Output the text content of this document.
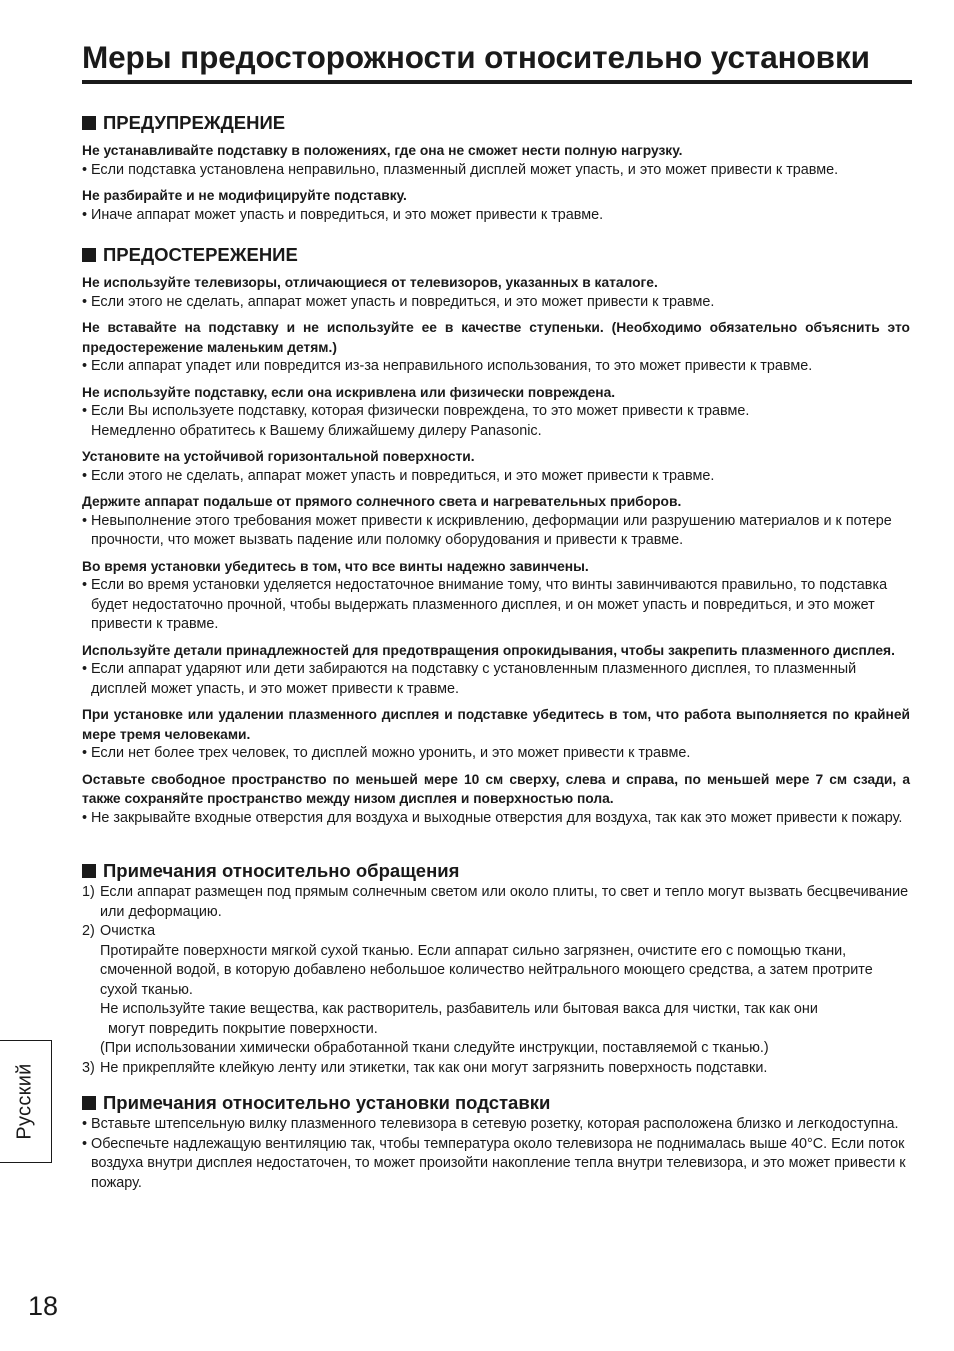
Меры предосторожности относительно установки
ПРЕДУПРЕЖДЕНИЕ
Не устанавливайте подставку в положениях, где она не сможет нести полную нагрузку.
• Если подставка установлена неправильно, плазменный дисплей может упасть, и это может привести к травме.
Не разбирайте и не модифицируйте подставку.
• Иначе аппарат может упасть и повредиться, и это может привести к травме.
ПРЕДОСТЕРЕЖЕНИЕ
Не используйте телевизоры, отличающиеся от телевизоров, указанных в каталоге.
• Если этого не сделать, аппарат может упасть и повредиться, и это может привести к травме.
Не вставайте на подставку и не используйте ее в качестве ступеньки. (Необходимо обязательно объяснить это предостережение маленьким детям.)
• Если аппарат упадет или повредится из-за неправильного использования, то это может привести к травме.
Не используйте подставку, если она искривлена или физически повреждена.
• Если Вы используете подставку, которая физически повреждена, то это может привести к травме.
Немедленно обратитесь к Вашему ближайшему дилеру Panasonic.
Установите на устойчивой горизонтальной поверхности.
• Если этого не сделать, аппарат может упасть и повредиться, и это может привести к травме.
Держите аппарат подальше от прямого солнечного света и нагревательных приборов.
• Невыполнение этого требования может привести к искривлению, деформации или разрушению материалов и к потере прочности, что может вызвать падение или поломку оборудования и привести к травме.
Во время установки убедитесь в том, что все винты надежно завинчены.
• Если во время установки уделяется недостаточное внимание тому, что винты завинчиваются правильно, то подставка будет недостаточно прочной, чтобы выдержать плазменного дисплея, и он может упасть и повредиться, и это может привести к травме.
Используйте детали принадлежностей для предотвращения опрокидывания, чтобы закрепить плазменного дисплея.
• Если аппарат ударяют или дети забираются на подставку с установленным плазменного дисплея, то плазменный дисплей может упасть, и это может привести к травме.
При установке или удалении плазменного дисплея и подставке убедитесь в том, что работа выполняется по крайней мере тремя человеками.
• Если нет более трех человек, то дисплей можно уронить, и это может привести к травме.
Оставьте свободное пространство по меньшей мере 10 см сверху, слева и справа, по меньшей мере 7 см сзади, а также сохраняйте пространство между низом дисплея и поверхностью пола.
• Не закрывайте входные отверстия для воздуха и выходные отверстия для воздуха, так как это может привести к пожару.
Примечания относительно обращения
1) Если аппарат размещен под прямым солнечным светом или около плиты, то свет и тепло могут вызвать бесцвечивание или деформацию.
2) Очистка
Протирайте поверхности мягкой сухой тканью. Если аппарат сильно загрязнен, очистите его с помощью ткани, смоченной водой, в которую добавлено небольшое количество нейтрального моющего средства, а затем протрите сухой тканью.
Не используйте такие вещества, как растворитель, разбавитель или бытовая вакса для чистки, так как они
могут повредить покрытие поверхности.
(При использовании химически обработанной ткани следуйте инструкции, поставляемой с тканью.)
3) Не прикрепляйте клейкую ленту или этикетки, так как они могут загрязнить поверхность подставки.
Примечания относительно установки подставки
• Вставьте штепсельную вилку плазменного телевизора в сетевую розетку, которая расположена близко и легкодоступна.
• Обеспечьте надлежащую вентиляцию так, чтобы температура около телевизора не поднималась выше 40°C. Если поток воздуха внутри дисплея недостаточен, то может произойти накопление тепла внутри телевизора, и это может привести к пожару.
Русский
18
